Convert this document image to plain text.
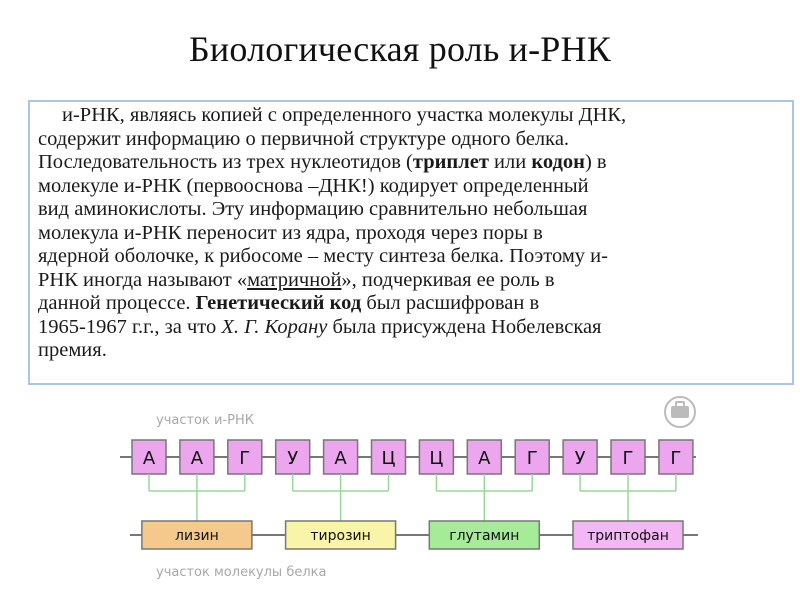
Биологическая роль и-РНК
и-РНК, являясь копией с определенного участка молекулы ДНК,
содержит информацию о первичной структуре одного белка.
Последовательность из трех нуклеотидов (триплет или кодон) в
молекуле и-РНК (первооснова –ДНК!) кодирует определенный
вид аминокислоты. Эту информацию сравнительно небольшая
молекула и-РНК переносит из ядра, проходя через поры в
ядерной оболочке, к рибосоме – месту синтеза белка. Поэтому и-
РНК иногда называют «матричной», подчеркивая ее роль в
данной процессе. Генетический код был расшифрован в
1965-1967 г.г., за что Х. Г. Корану была присуждена Нобелевская
премия.
участок и-РНК
А А Г У А Ц Ц А Г У Г Г
лизин	тирозин	глутамин	триптофан
участок молекулы белка
